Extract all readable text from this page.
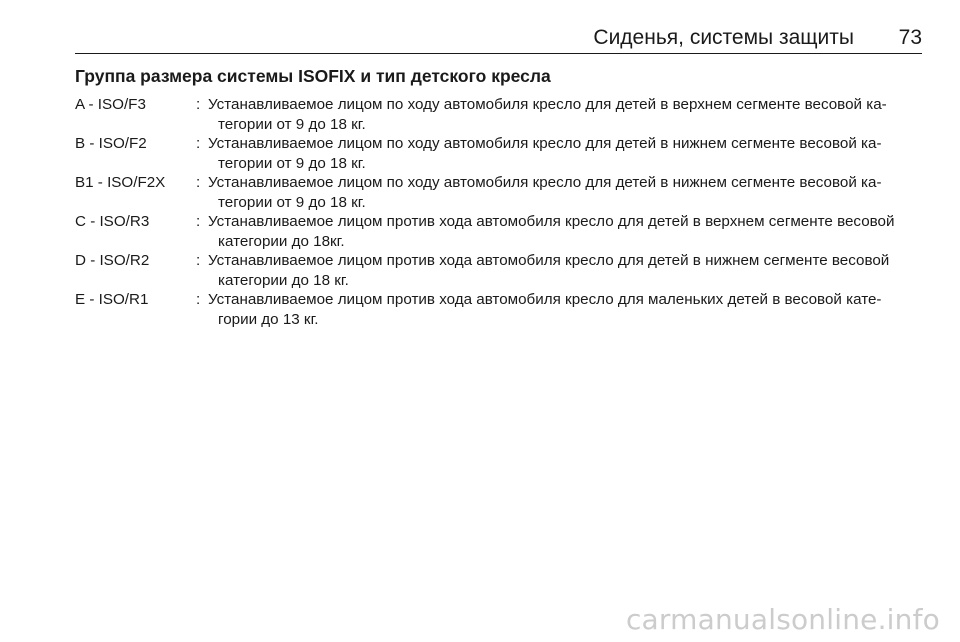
Сиденья, системы защиты 73
Группа размера системы ISOFIX и тип детского кресла
A - ISO/F3	: Устанавливаемое лицом по ходу автомобиля кресло для детей в верхнем сегменте весовой ка-
тегории от 9 до 18 кг.
B - ISO/F2	: Устанавливаемое лицом по ходу автомобиля кресло для детей в нижнем сегменте весовой ка-
тегории от 9 до 18 кг.
B1 - ISO/F2X	: Устанавливаемое лицом по ходу автомобиля кресло для детей в нижнем сегменте весовой ка-
тегории от 9 до 18 кг.
C - ISO/R3	: Устанавливаемое лицом против хода автомобиля кресло для детей в верхнем сегменте весовой
категории до 18кг.
D - ISO/R2	: Устанавливаемое лицом против хода автомобиля кресло для детей в нижнем сегменте весовой
категории до 18 кг.
E - ISO/R1	: Устанавливаемое лицом против хода автомобиля кресло для маленьких детей в весовой кате-
гории до 13 кг.
carmanualsonline.info
